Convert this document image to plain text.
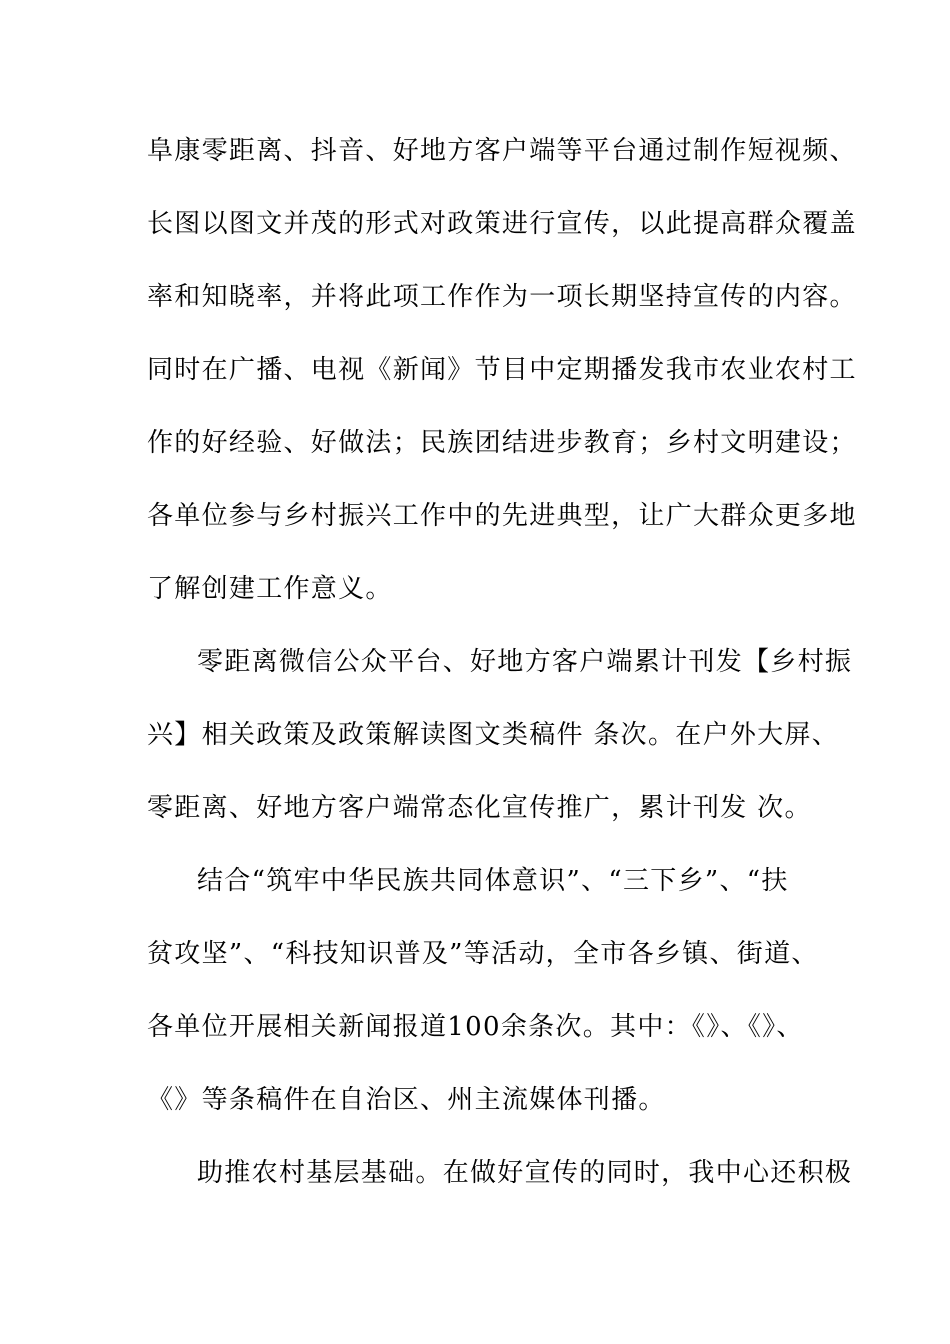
阜康零距离、抖音、好地方客户端等平台通过制作短视频、
长图以图文并茂的形式对政策进行宣传，以此提高群众覆盖
率和知晓率，并将此项工作作为一项长期坚持宣传的内容。
同时在广播、电视《新闻》节目中定期播发我市农业农村工
作的好经验、好做法；民族团结进步教育；乡村文明建设；
各单位参与乡村振兴工作中的先进典型，让广大群众更多地
了解创建工作意义。
零距离微信公众平台、好地方客户端累计刊发【乡村振
兴】相关政策及政策解读图文类稿件 条次。在户外大屏、
零距离、好地方客户端常态化宣传推广，累计刊发 次。
结合“筑牢中华民族共同体意识”、“三下乡”、“扶
贫攻坚”、“科技知识普及”等活动，全市各乡镇、街道、
各单位开展相关新闻报道100余条次。其中：《》、《》、
《》等条稿件在自治区、州主流媒体刊播。
助推农村基层基础。在做好宣传的同时，我中心还积极
